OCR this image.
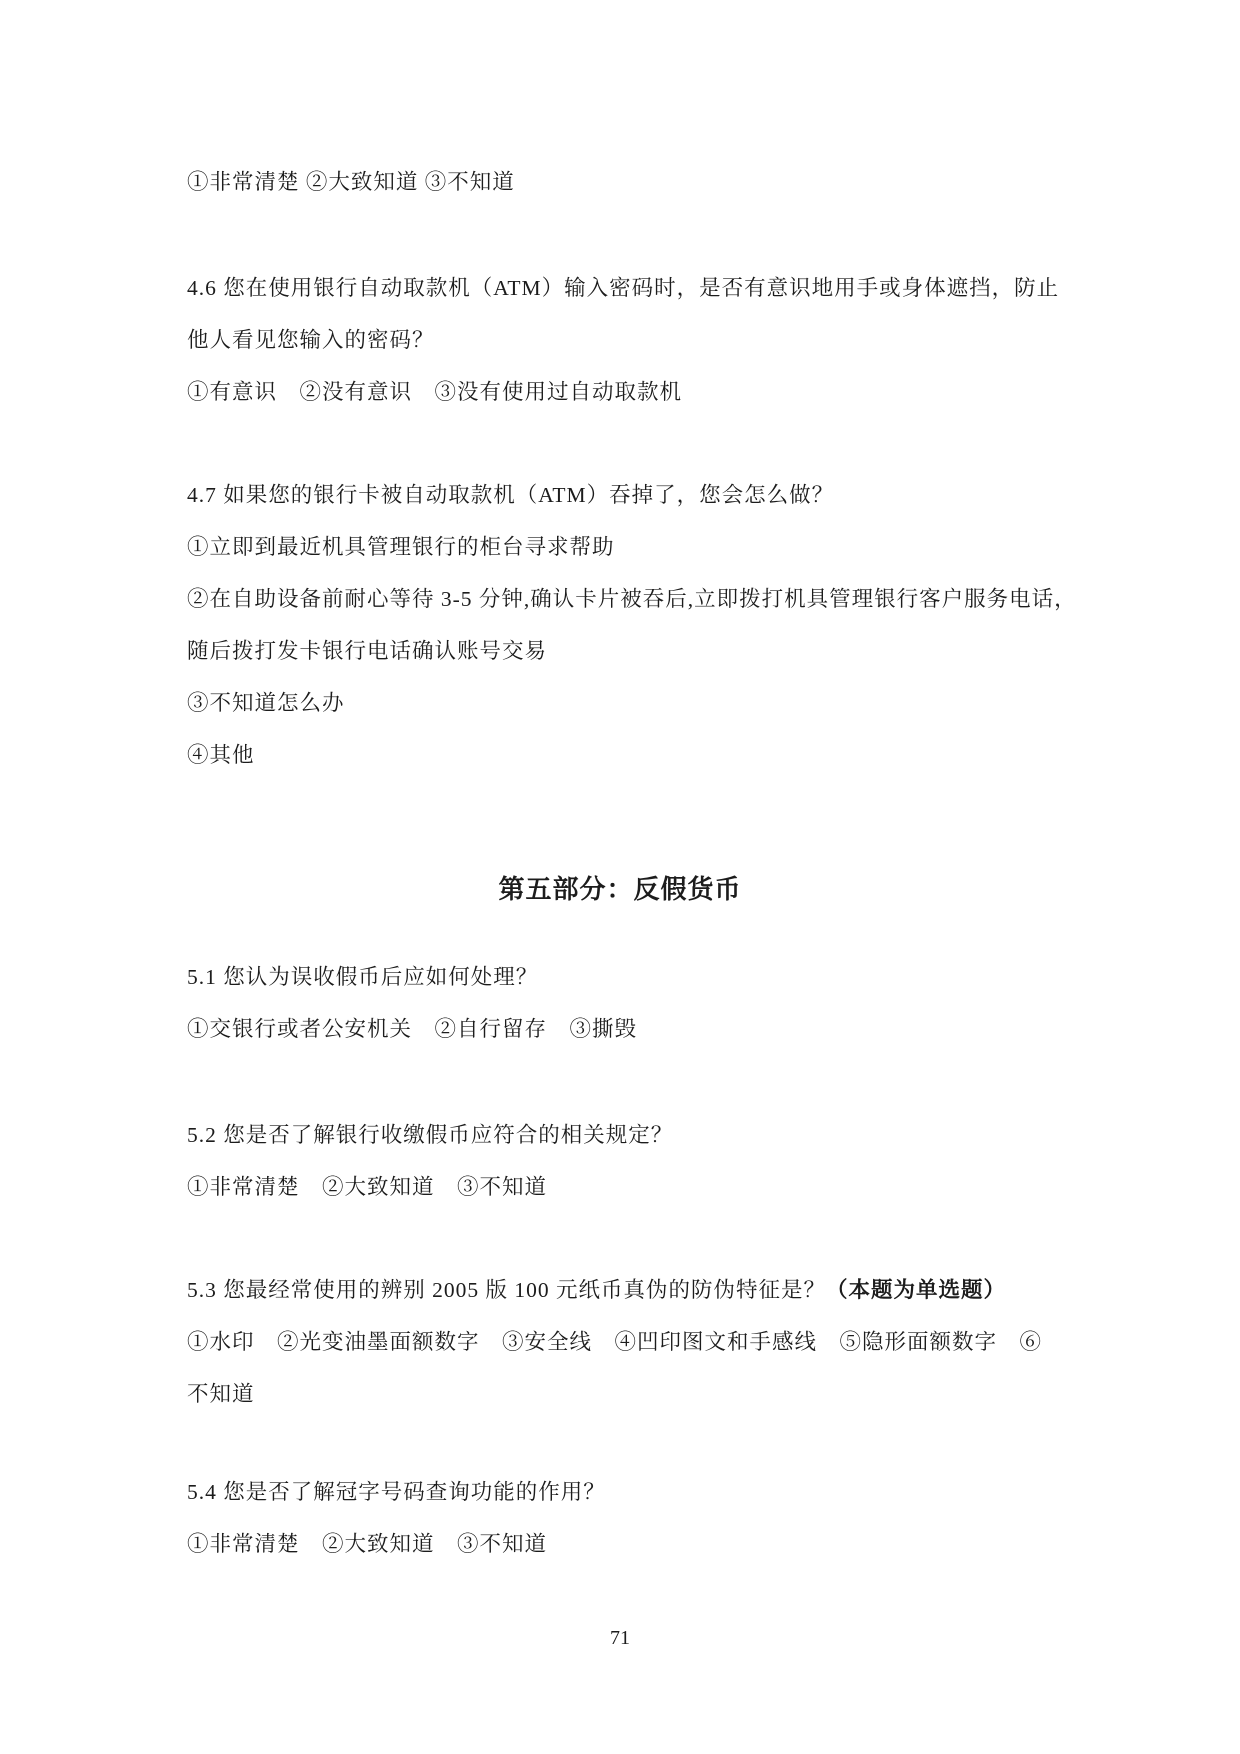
①非常清楚 ②大致知道 ③不知道
4.6 您在使用银行自动取款机（ATM）输入密码时，是否有意识地用手或身体遮挡，防止
他人看见您输入的密码？
①有意识　②没有意识　③没有使用过自动取款机
4.7 如果您的银行卡被自动取款机（ATM）吞掉了，您会怎么做？
①立即到最近机具管理银行的柜台寻求帮助
②在自助设备前耐心等待 3-5 分钟,确认卡片被吞后,立即拨打机具管理银行客户服务电话，
随后拨打发卡银行电话确认账号交易
③不知道怎么办
④其他
第五部分：反假货币
5.1 您认为误收假币后应如何处理？
①交银行或者公安机关　②自行留存　③撕毁
5.2 您是否了解银行收缴假币应符合的相关规定？
①非常清楚　②大致知道　③不知道
5.3 您最经常使用的辨别 2005 版 100 元纸币真伪的防伪特征是？（本题为单选题）
①水印　②光变油墨面额数字　③安全线　④凹印图文和手感线　⑤隐形面额数字　⑥
不知道
5.4 您是否了解冠字号码查询功能的作用？
①非常清楚　②大致知道　③不知道
71
